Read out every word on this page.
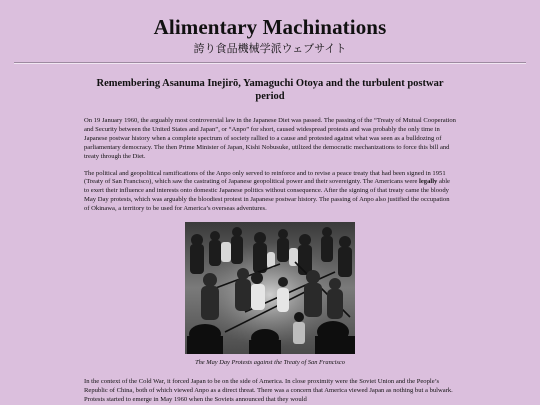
Alimentary Machinations
誇り食品機械学派ウェブサイト
Remembering Asanuma Inejirō, Yamaguchi Otoya and the turbulent postwar period

On 19 January 1960, the arguably most controversial law in the Japanese Diet was passed. The passing of the “Treaty of Mutual Cooperation and Security between the United States and Japan”, or “Anpo” for short, caused widespread protests and was probably the only time in Japanese postwar history when a complete spectrum of society rallied to a cause and protested against what was seen as a bulldozing of parliamentary democracy. The then Prime Minister of Japan, Kishi Nobusuke, utilized the democratic mechanizations to force this bill and treaty through the Diet.

The political and geopolitical ramifications of the Anpo only served to reinforce and to revise a peace treaty that had been signed in 1951 (Treaty of San Francisco), which saw the castrating of Japanese geopolitical power and their sovereignty. The Americans were legally able to exert their influence and interests onto domestic Japanese politics without consequence. After the signing of that treaty came the bloody May Day protests, which was arguably the bloodiest protest in Japanese postwar history. The passing of Anpo also justified the occupation of Okinawa, a territory to be used for America’s overseas adventures.

The May Day Protests against the Treaty of San Francisco

In the context of the Cold War, it forced Japan to be on the side of America. In close proximity were the Soviet Union and the People’s Republic of China, both of which viewed Anpo as a direct threat. There was a concern that America viewed Japan as nothing but a bulwark. Protests started to emerge in May 1960 when the Soviets announced that they would
